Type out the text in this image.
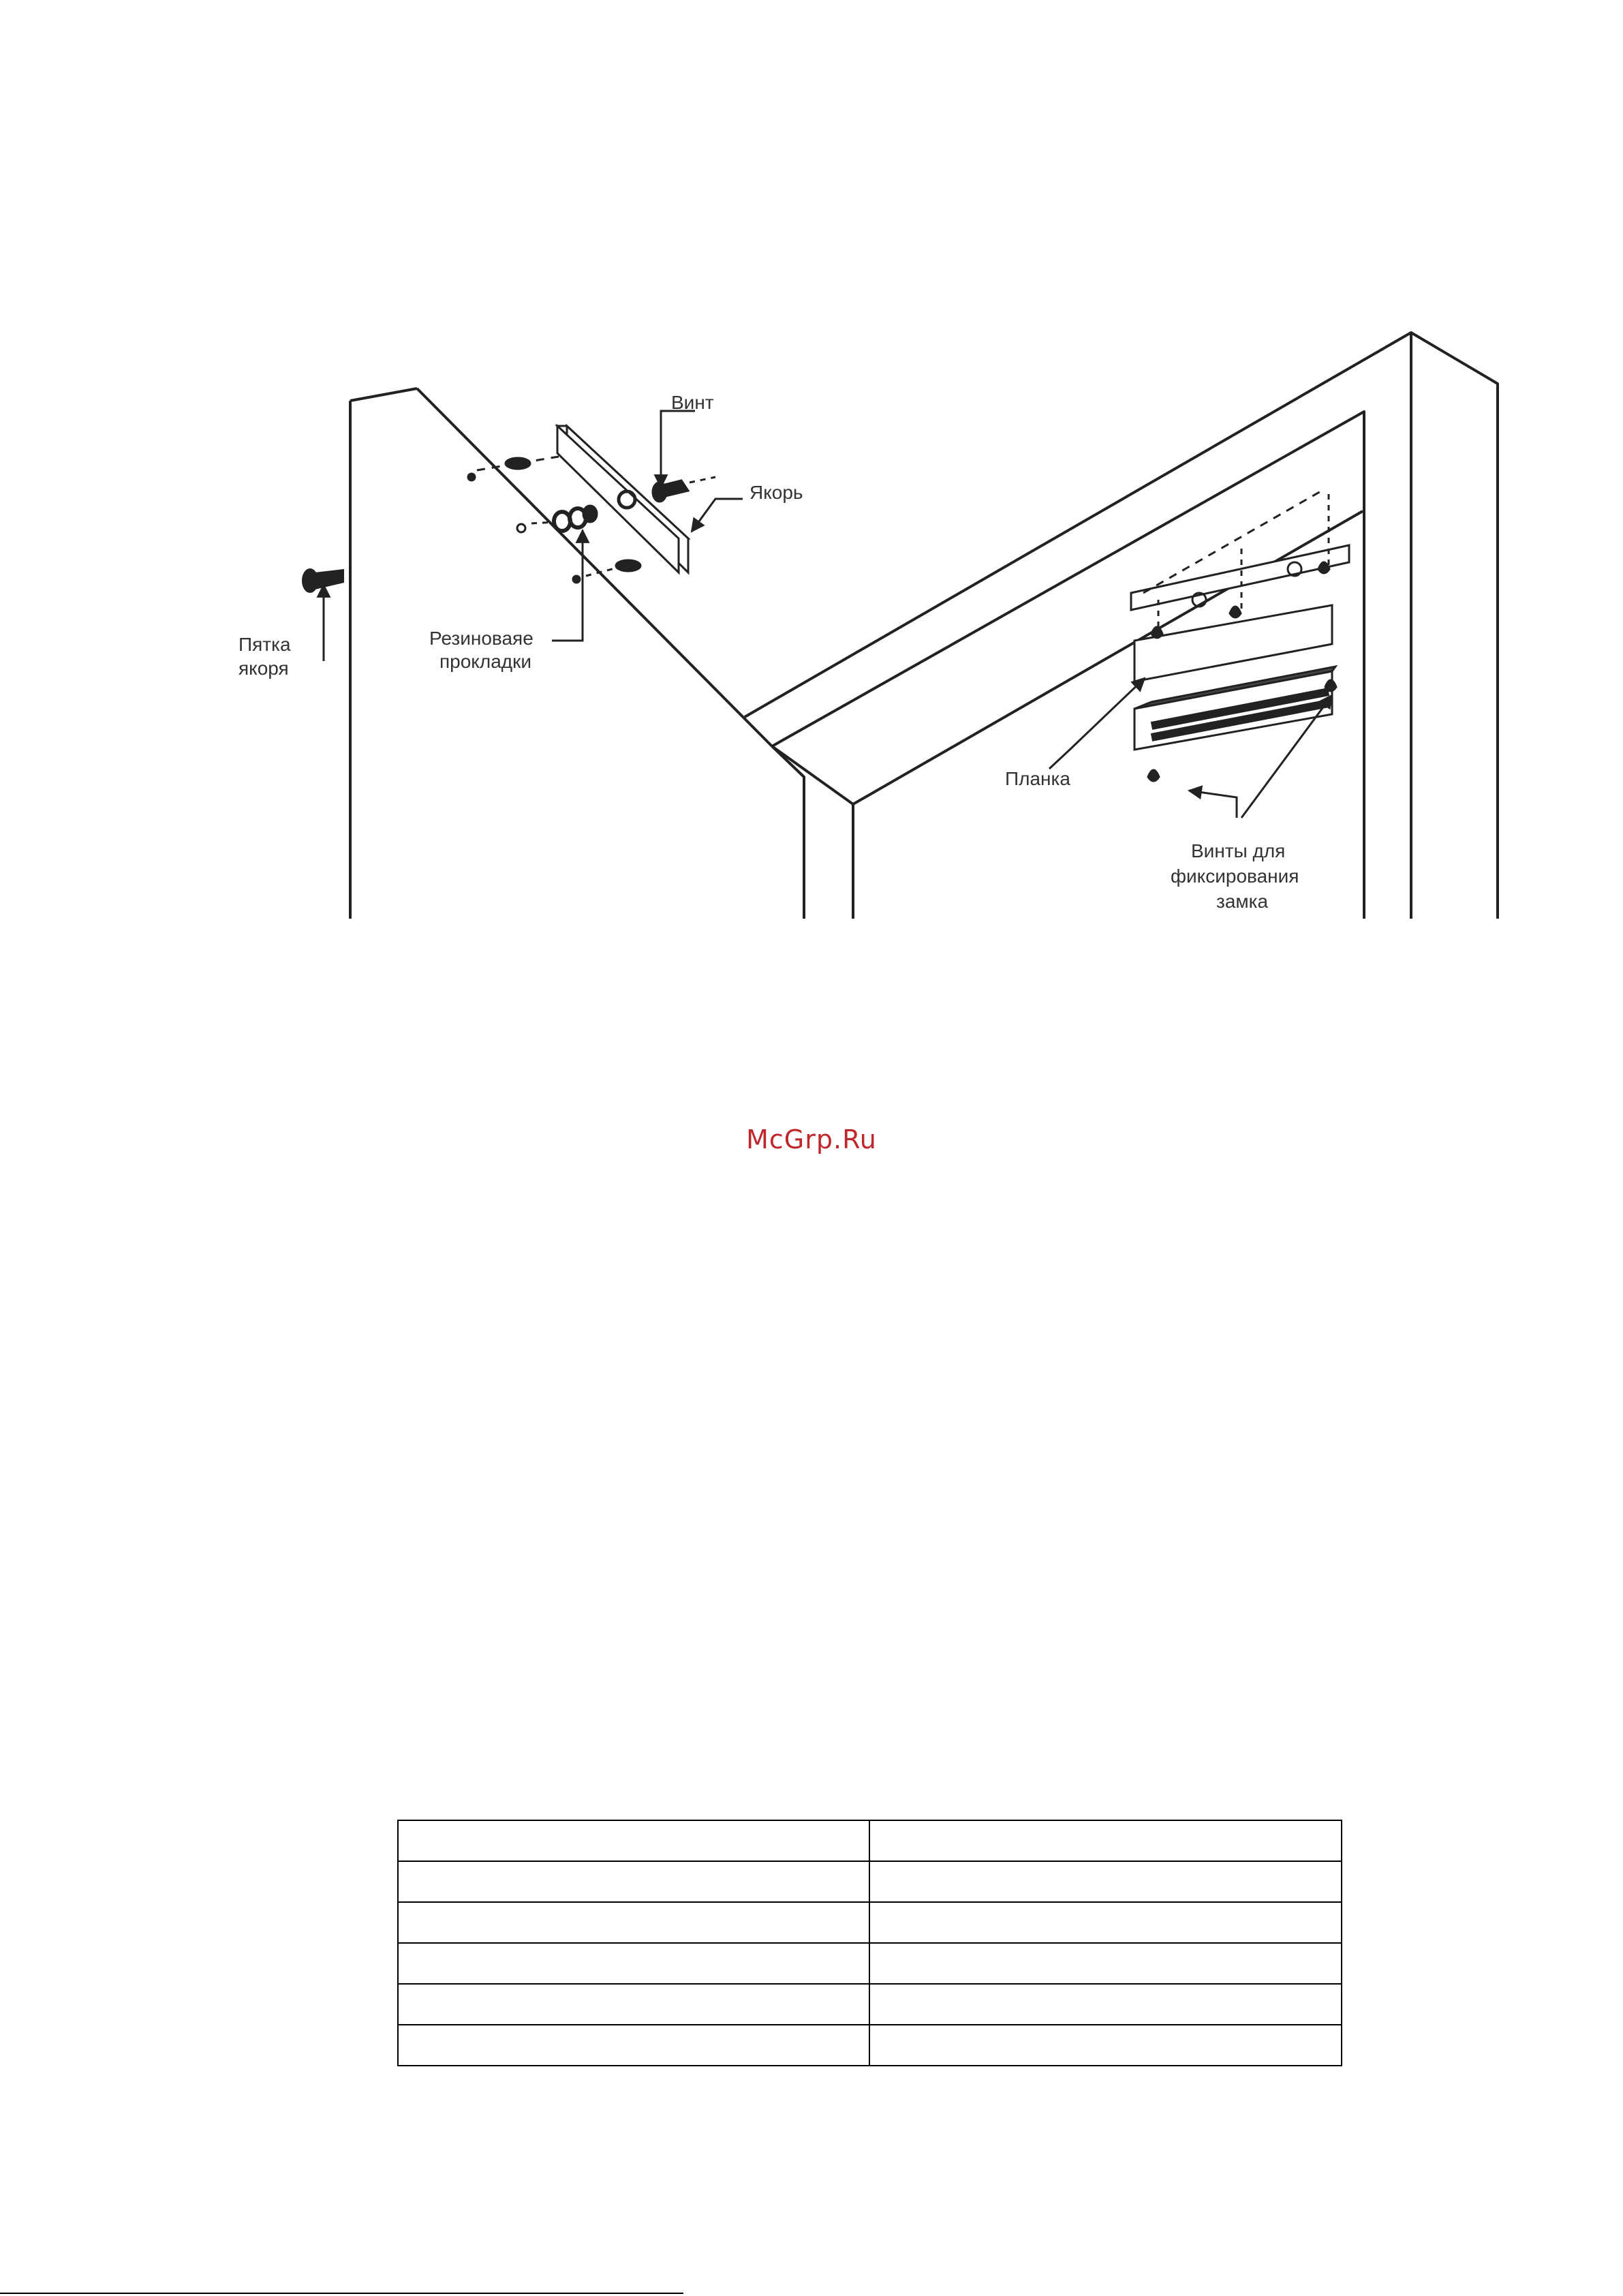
Винт
Якорь
Пятка
якоря
Резиноваяе
прокладки
Планка
Винты для
фиксирования
замка
McGrp.Ru
